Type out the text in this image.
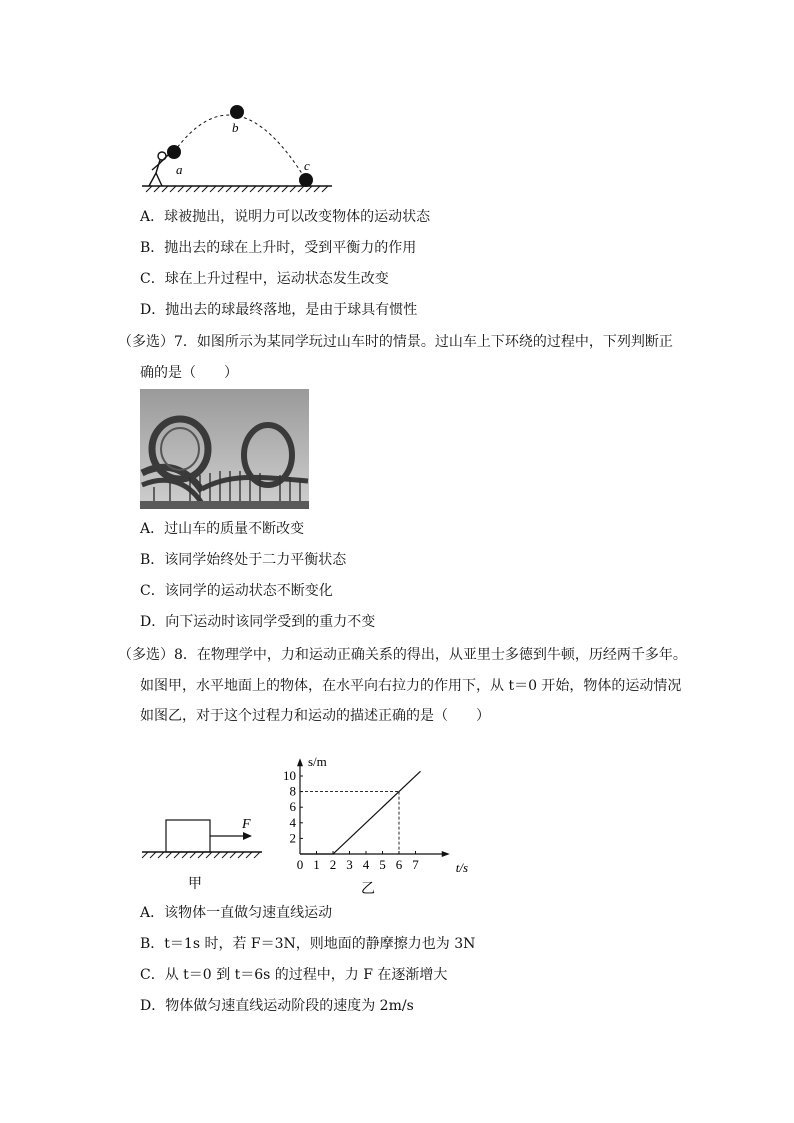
a
b
c
A．球被抛出，说明力可以改变物体的运动状态
B．抛出去的球在上升时，受到平衡力的作用
C．球在上升过程中，运动状态发生改变
D．抛出去的球最终落地，是由于球具有惯性
（多选）7．如图所示为某同学玩过山车时的情景。过山车上下环绕的过程中，下列判断正
确的是（　　）
A．过山车的质量不断改变
B．该同学始终处于二力平衡状态
C．该同学的运动状态不断变化
D．向下运动时该同学受到的重力不变
（多选）8．在物理学中，力和运动正确关系的得出，从亚里士多德到牛顿，历经两千多年。
如图甲，水平地面上的物体，在水平向右拉力的作用下，从 t＝0 开始，物体的运动情况
如图乙，对于这个过程力和运动的描述正确的是（　　）
F
甲
s/m
t/s
0 1 2 3 4 5 6 7
2
4
6
8
10
乙
A．该物体一直做匀速直线运动
B．t＝1s 时，若 F＝3N，则地面的静摩擦力也为 3N
C．从 t＝0 到 t＝6s 的过程中，力 F 在逐渐增大
D．物体做匀速直线运动阶段的速度为 2m/s
